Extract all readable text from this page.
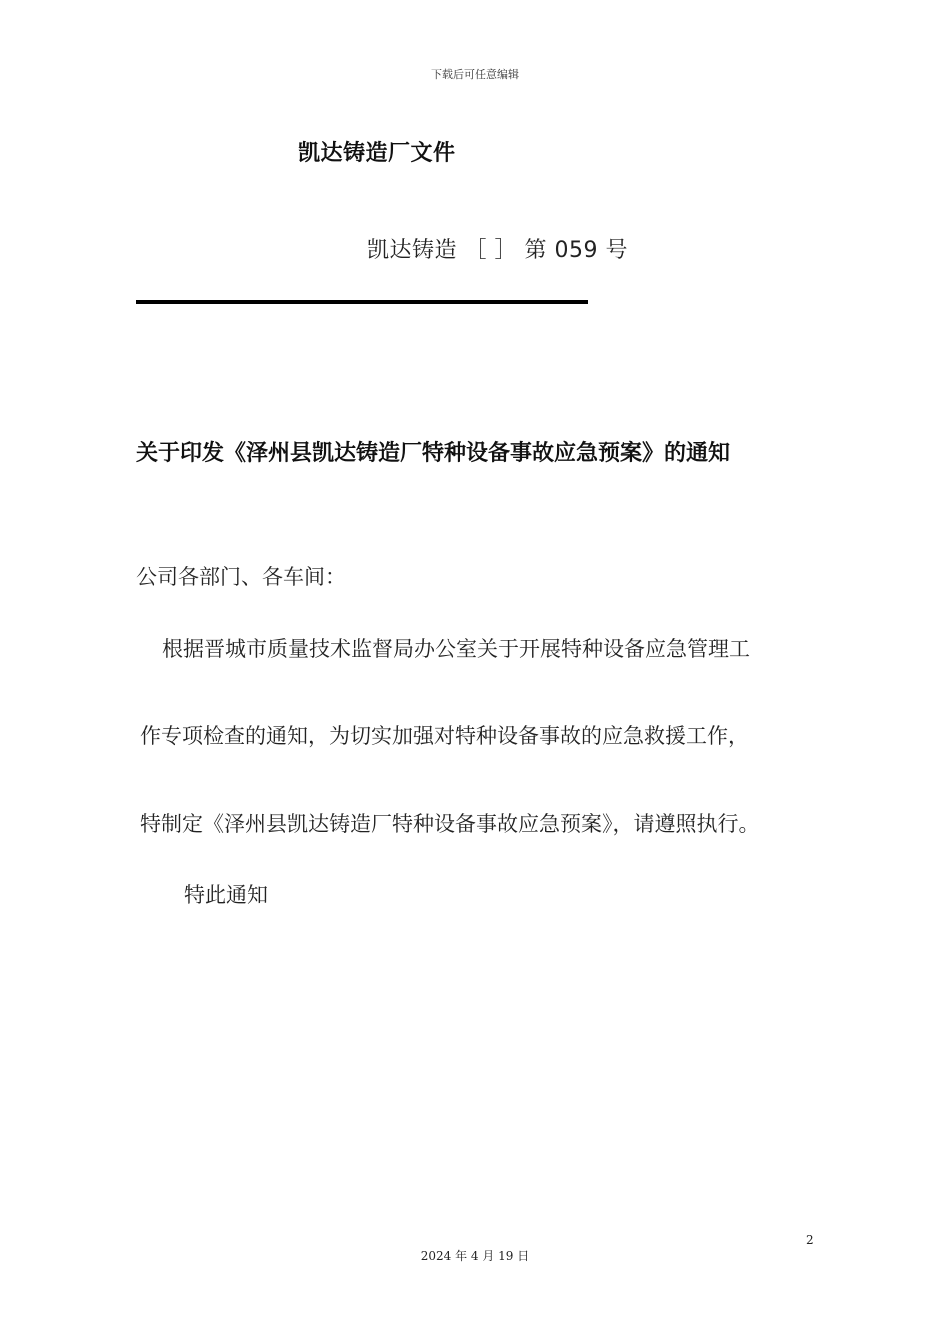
下载后可任意编辑
凯达铸造厂文件
凯达铸造 ［ ］ 第 059 号
关于印发《泽州县凯达铸造厂特种设备事故应急预案》的通知
公司各部门、各车间：
根据晋城市质量技术监督局办公室关于开展特种设备应急管理工
作专项检查的通知，为切实加强对特种设备事故的应急救援工作，
特制定《泽州县凯达铸造厂特种设备事故应急预案》，请遵照执行。
特此通知
2
2024 年 4 月 19 日
